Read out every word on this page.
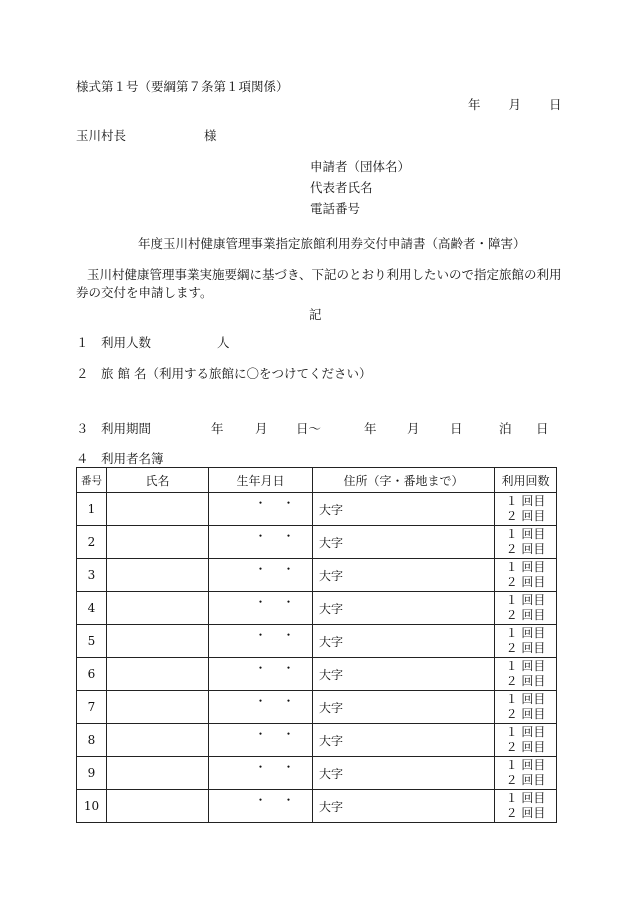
様式第１号（要綱第７条第１項関係）
年 月 日
玉川村長	様
申請者（団体名）
代表者氏名
電話番号
年度玉川村健康管理事業指定旅館利用券交付申請書（高齢者・障害）
玉川村健康管理事業実施要綱に基づき、下記のとおり利用したいので指定旅館の利用
券の交付を申請します。
記
１　利用人数	人
２　旅 館 名（利用する旅館に〇をつけてください）
３　利用期間	年	月 日〜	年 月 日	泊 日
４　利用者名簿
番号	氏名	生年月日	住所（字・番地まで）	利用回数
1		・ ・	大字	１ 回目
２ 回目

2		・ ・	大字	１ 回目
２ 回目

3		・ ・	大字	１ 回目
２ 回目

4		・ ・	大字	１ 回目
２ 回目

5		・ ・	大字	１ 回目
２ 回目

6		・ ・	大字	１ 回目
２ 回目

7		・ ・	大字	１ 回目
２ 回目

8		・ ・	大字	１ 回目
２ 回目

9		・ ・	大字	１ 回目
２ 回目

10		・ ・	大字	１ 回目
２ 回目
